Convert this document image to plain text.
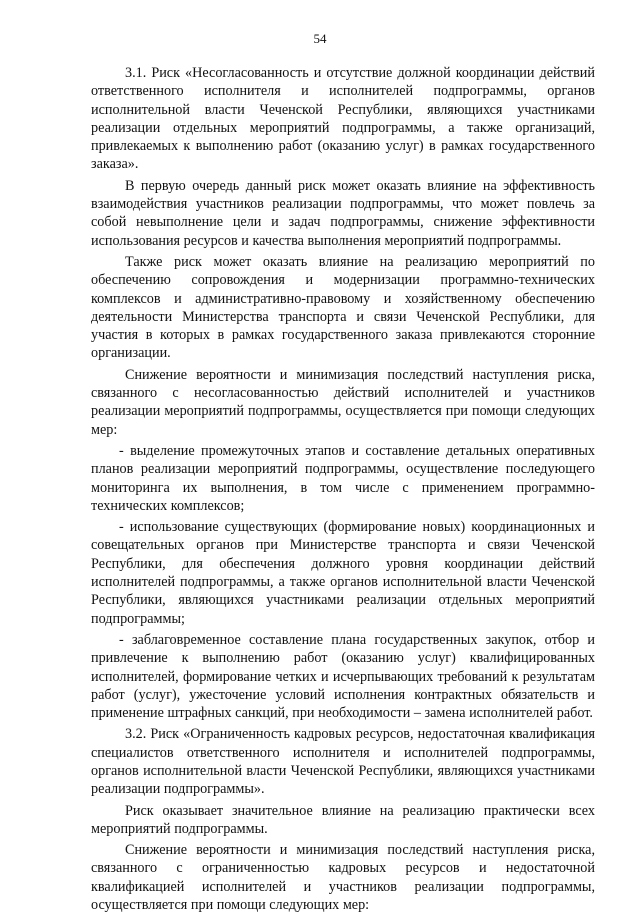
54

3.1. Риск «Несогласованность и отсутствие должной координации действий ответственного исполнителя и исполнителей подпрограммы, органов исполнительной власти Чеченской Республики, являющихся участниками реализации отдельных мероприятий подпрограммы, а также организаций, привлекаемых к выполнению работ (оказанию услуг) в рамках государственного заказа».

В первую очередь данный риск может оказать влияние на эффективность взаимодействия участников реализации подпрограммы, что может повлечь за собой невыполнение цели и задач подпрограммы, снижение эффективности использования ресурсов и качества выполнения мероприятий подпрограммы.

Также риск может оказать влияние на реализацию мероприятий по обеспечению сопровождения и модернизации программно-технических комплексов и административно-правовому и хозяйственному обеспечению деятельности Министерства транспорта и связи Чеченской Республики, для участия в которых в рамках государственного заказа привлекаются сторонние организации.

Снижение вероятности и минимизация последствий наступления риска, связанного с несогласованностью действий исполнителей и участников реализации мероприятий подпрограммы, осуществляется при помощи следующих мер:

- выделение промежуточных этапов и составление детальных оперативных планов реализации мероприятий подпрограммы, осуществление последующего мониторинга их выполнения, в том числе с применением программно-технических комплексов;

- использование существующих (формирование новых) координационных и совещательных органов при Министерстве транспорта и связи Чеченской Республики, для обеспечения должного уровня координации действий исполнителей подпрограммы, а также органов исполнительной власти Чеченской Республики, являющихся участниками реализации отдельных мероприятий подпрограммы;

- заблаговременное составление плана государственных закупок, отбор и привлечение к выполнению работ (оказанию услуг) квалифицированных исполнителей, формирование четких и исчерпывающих требований к результатам работ (услуг), ужесточение условий исполнения контрактных обязательств и применение штрафных санкций, при необходимости – замена исполнителей работ.

3.2. Риск «Ограниченность кадровых ресурсов, недостаточная квалификация специалистов ответственного исполнителя и исполнителей подпрограммы, органов исполнительной власти Чеченской Республики, являющихся участниками реализации подпрограммы».

Риск оказывает значительное влияние на реализацию практически всех мероприятий подпрограммы.

Снижение вероятности и минимизация последствий наступления риска, связанного с ограниченностью кадровых ресурсов и недостаточной квалификацией исполнителей и участников реализации подпрограммы, осуществляется при помощи следующих мер:
